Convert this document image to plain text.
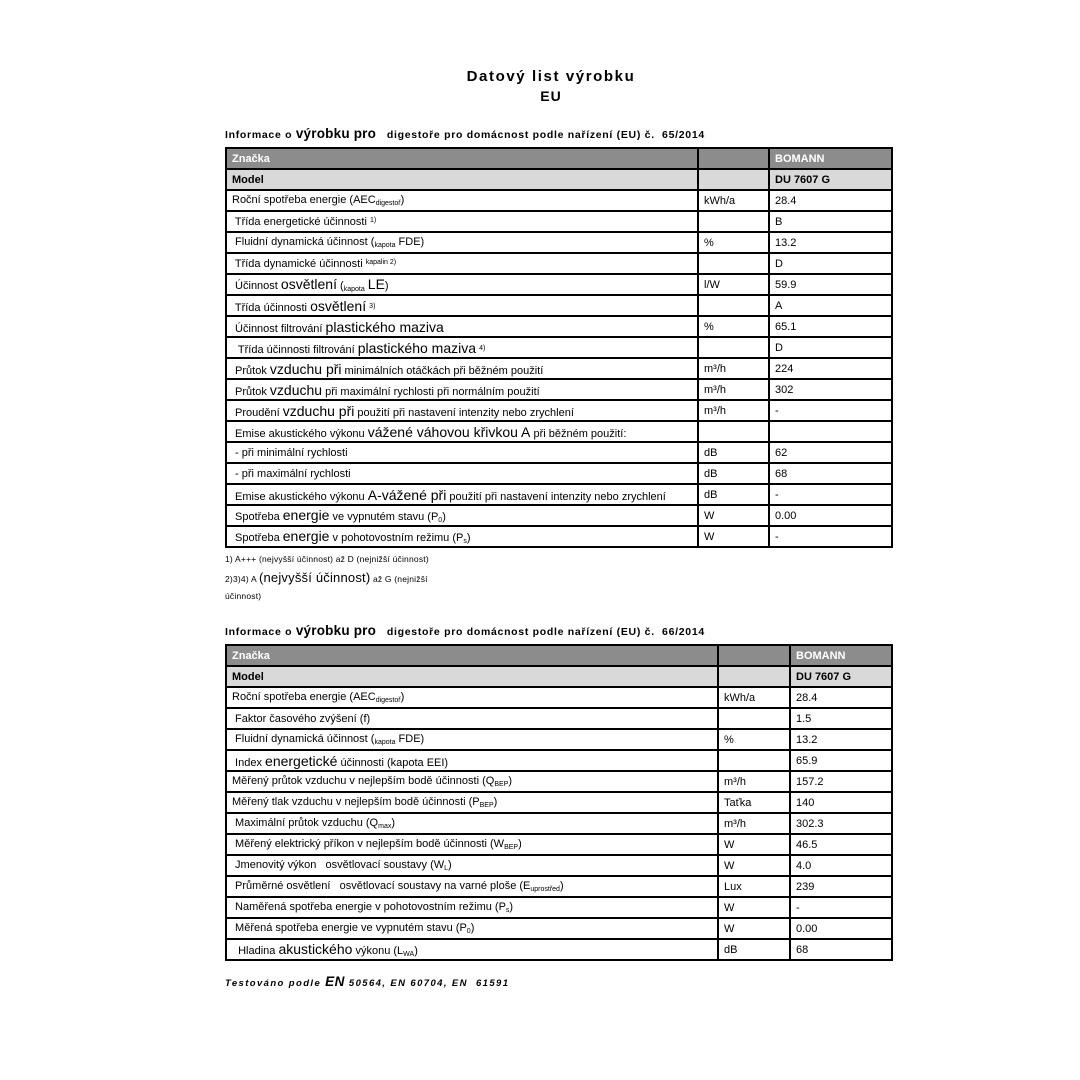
Datový list výrobku
EU
Informace o výrobku pro   digestoře pro domácnost podle nařízení (EU) č.  65/2014
Značka		BOMANN
Model		DU 7607 G
Roční spotřeba energie (AECdigestoř)	kWh/a	28.4
Třída energetické účinnosti $^{1)}$		B
Fluidní dynamická účinnost (kapota FDE)	%	13.2
Třída dynamické účinnosti $^{kapalin 2)}$		D
Účinnost osvětlení (kapota LE)	l/W	59.9
Třída účinnosti osvětlení $^{3)}$		A
Účinnost filtrování plastického maziva	%	65.1
Třída účinnosti filtrování plastického maziva $^{4)}$		D
Průtok vzduchu při minimálních otáčkách při běžném použití	m³/h	224
Průtok vzduchu při maximální rychlosti při normálním použití	m³/h	302
Proudění vzduchu při použití při nastavení intenzity nebo zrychlení	m³/h	-
Emise akustického výkonu vážené váhovou křivkou A při běžném použití:		
- při minimální rychlosti	dB	62
- při maximální rychlosti	dB	68
Emise akustického výkonu A-vážené při použití při nastavení intenzity nebo zrychlení	dB	-
Spotřeba energie ve vypnutém stavu (P0)	W	0.00
Spotřeba energie v pohotovostním režimu (Ps)	W	-
1) A+++ (nejvyšší účinnost) až D (nejnižší účinnost)
2)3)4) A (nejvyšší účinnost) až G (nejnižší
účinnost)
Informace o výrobku pro   digestoře pro domácnost podle nařízení (EU) č.  66/2014
Značka		BOMANN
Model		DU 7607 G
Roční spotřeba energie (AECdigestoř)	kWh/a	28.4
Faktor časového zvýšení (f)		1.5
Fluidní dynamická účinnost (kapota FDE)	%	13.2
Index energetické účinnosti (kapota EEI)		65.9
Měřený průtok vzduchu v nejlepším bodě účinnosti (QBEP)	m³/h	157.2
Měřený tlak vzduchu v nejlepším bodě účinnosti (PBEP)	Taťka	140
Maximální průtok vzduchu (Qmax)	m³/h	302.3
Měřený elektrický příkon v nejlepším bodě účinnosti (WBEP)	W	46.5
Jmenovitý výkon   osvětlovací soustavy (WL)	W	4.0
Průměrné osvětlení   osvětlovací soustavy na varné ploše (Euprostřed)	Lux	239
Naměřená spotřeba energie v pohotovostním režimu (Ps)	W	-
Měřená spotřeba energie ve vypnutém stavu (P0)	W	0.00
Hladina akustického výkonu (LWA)	dB	68
Testováno podle EN 50564, EN 60704, EN  61591
